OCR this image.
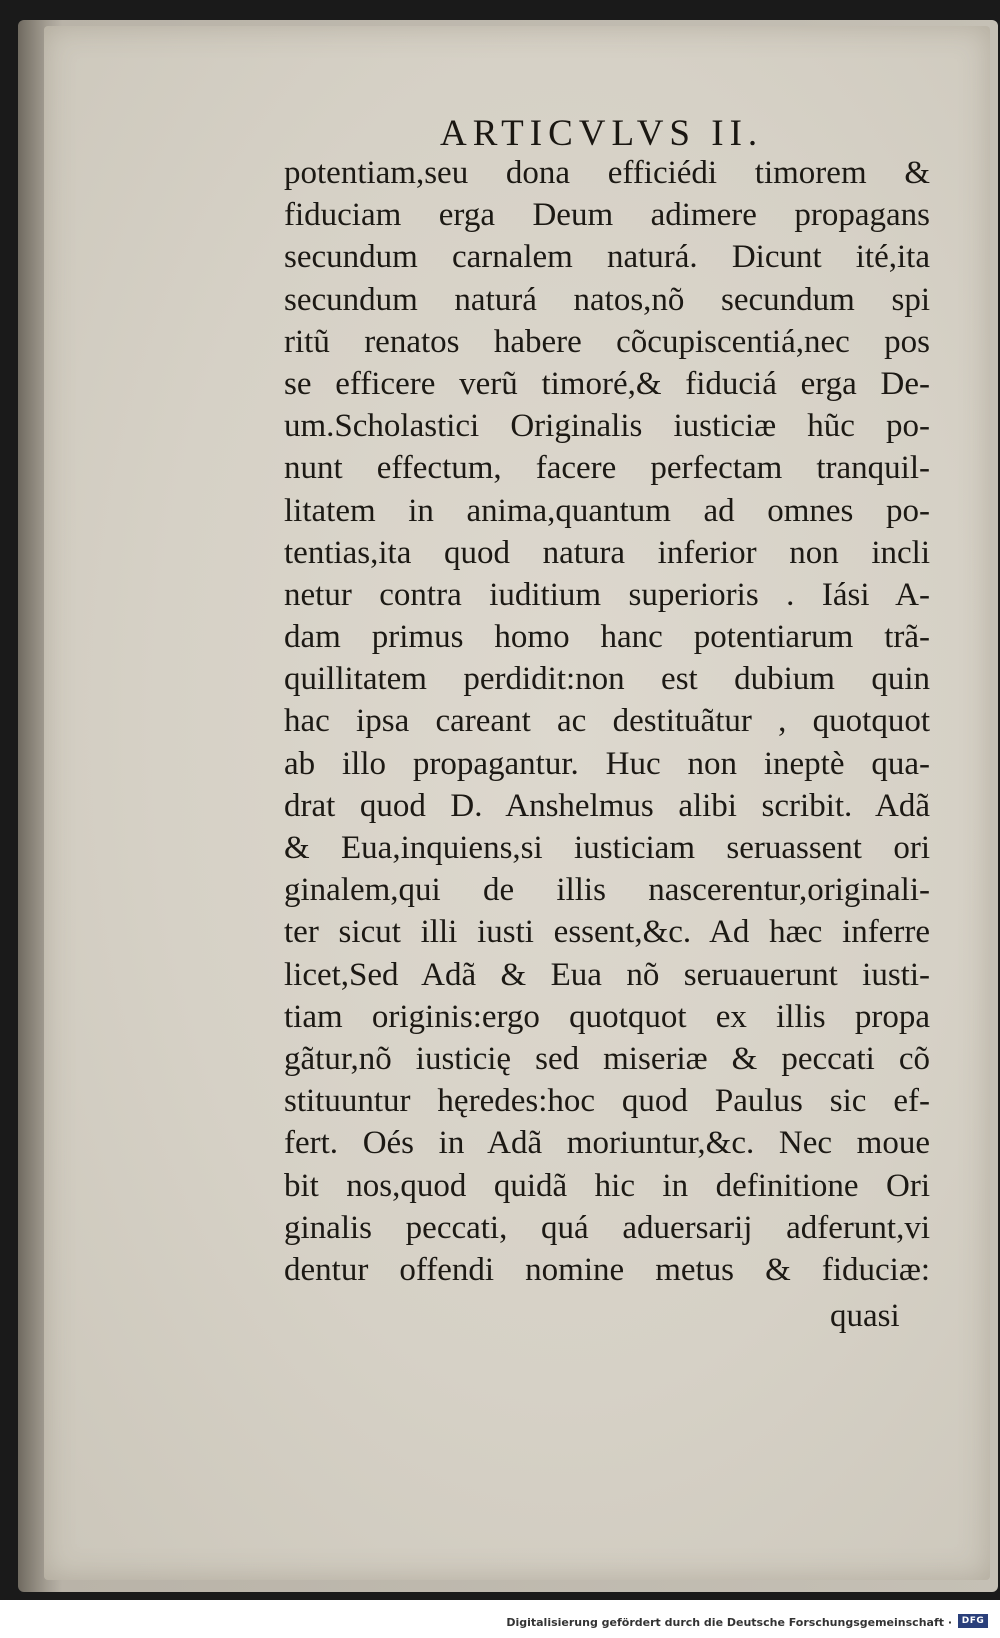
ARTICVLVS II.
potentiam,seu dona efficiédi timorem &
fiduciam erga Deum adimere propagans
secundum carnalem naturá. Dicunt ité,ita
secundum naturá natos,nõ secundum spi
ritũ renatos habere cõcupiscentiá,nec pos
se efficere verũ timoré,& fiduciá erga De-
um.Scholastici Originalis iusticiæ hũc po-
nunt effectum, facere perfectam tranquil-
litatem in anima,quantum ad omnes po-
tentias,ita quod natura inferior non incli
netur contra iuditium superioris . Iási A-
dam primus homo hanc potentiarum trã-
quillitatem perdidit:non est dubium quin
hac ipsa careant ac destituãtur , quotquot
ab illo propagantur. Huc non ineptè qua-
drat quod D. Anshelmus alibi scribit. Adã
& Eua,inquiens,si iusticiam seruassent ori
ginalem,qui de illis nascerentur,originali-
ter sicut illi iusti essent,&c. Ad hæc inferre
licet,Sed Adã & Eua nõ seruauerunt iusti-
tiam originis:ergo quotquot ex illis propa
gãtur,nõ iusticię sed miseriæ & peccati cõ
stituuntur hęredes:hoc quod Paulus sic ef-
fert. Oés in Adã moriuntur,&c. Nec moue
bit nos,quod quidã hic in definitione Ori
ginalis peccati, quá aduersarij adferunt,vi
dentur offendi nomine metus & fiduciæ:
quasi
Digitalisierung gefördert durch die Deutsche Forschungsgemeinschaft ·	DFG
